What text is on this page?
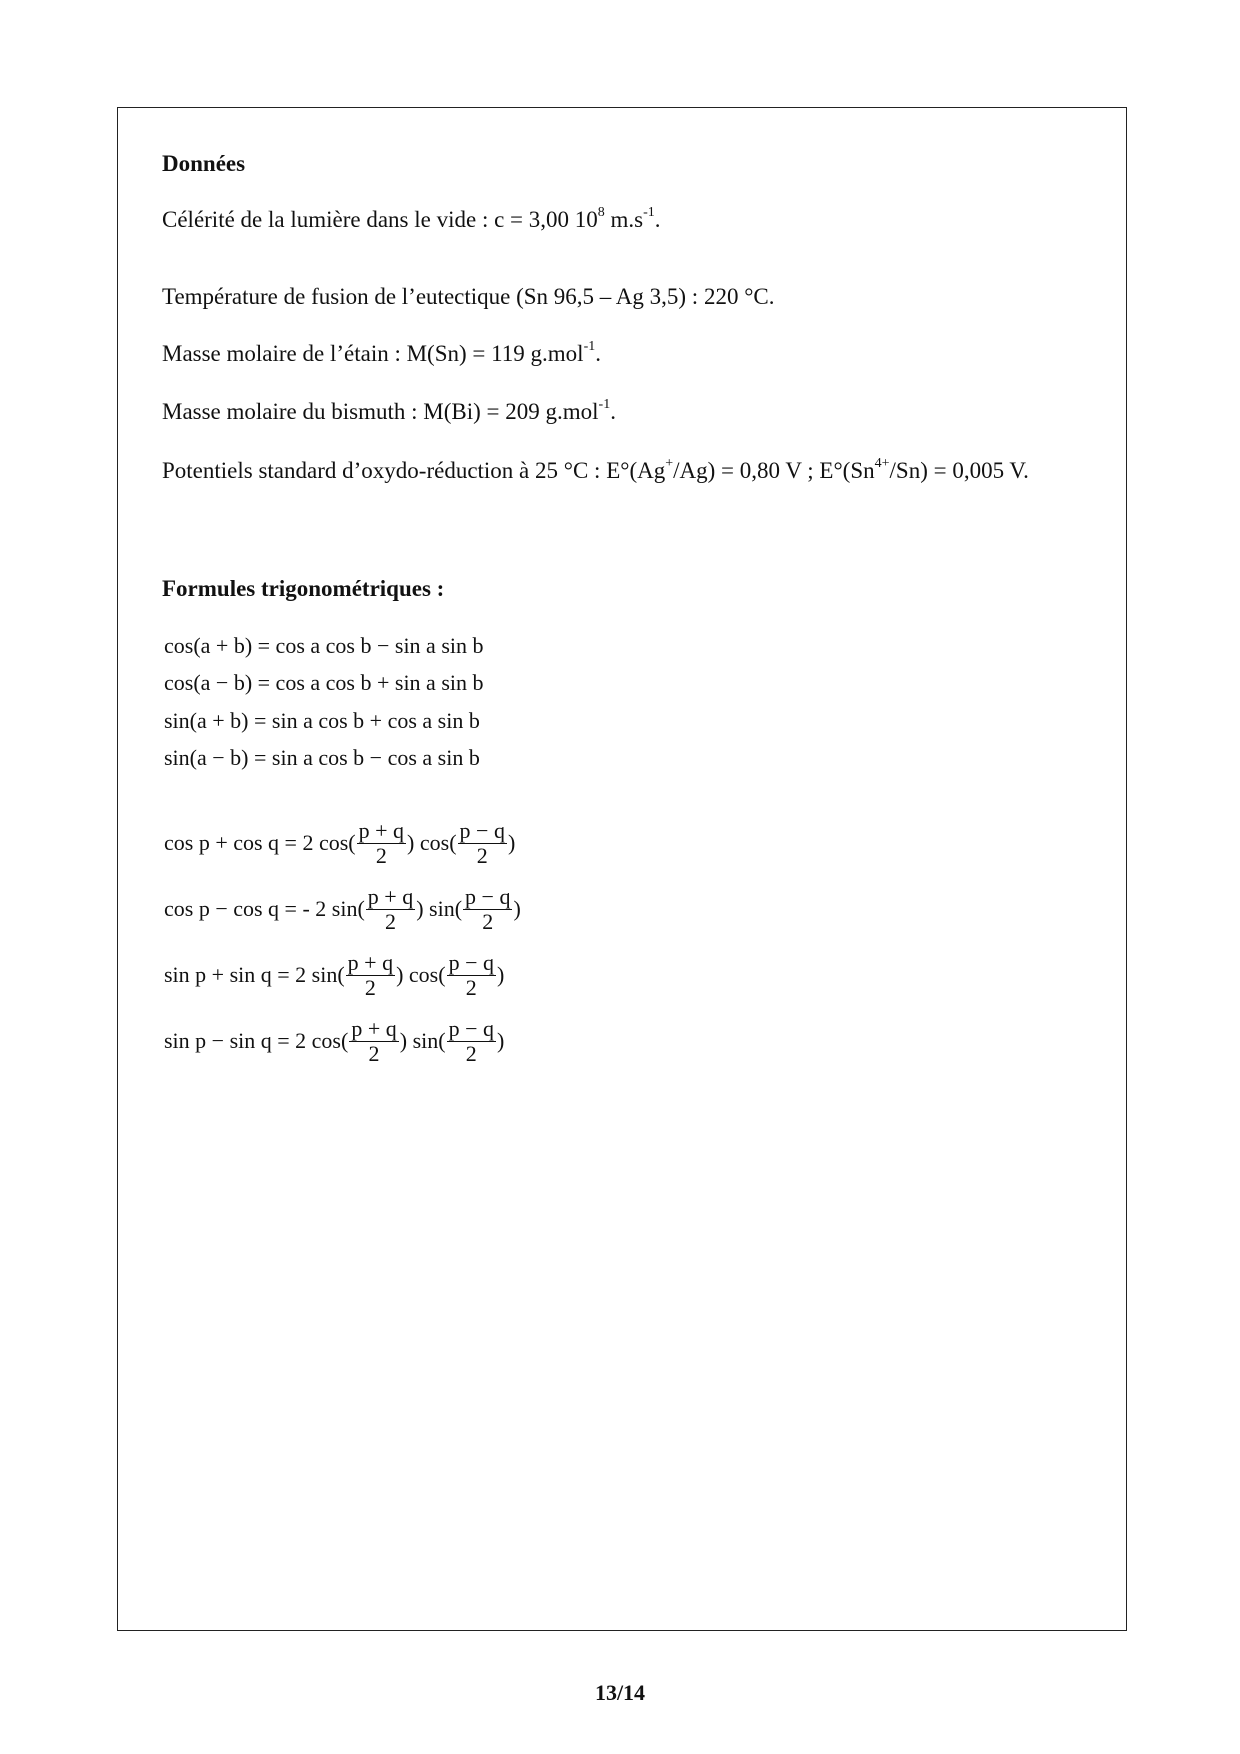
Données
Célérité de la lumière dans le vide : c = 3,00 $10^8$ $m.s^{-1}$.
Température de fusion de l’eutectique (Sn 96,5 – Ag 3,5) : 220 °C.
Masse molaire de l’étain : M(Sn) = 119 g.mol$^{-1}$.
Masse molaire du bismuth : M(Bi) = 209 g.mol$^{-1}$.
Potentiels standard d’oxydo-réduction à 25 °C : E°(Ag+/Ag) = 0,80 V ; $E^\circ(Sn^{4+}/Sn) = 0,005$ V.
Formules trigonométriques :
cos(a + b) = cos a cos b − sin a sin b
cos(a − b) = cos a cos b + sin a sin b
sin(a + b) = sin a cos b + cos a sin b
sin(a − b) = sin a cos b − cos a sin b
cos p + cos q = 2 $\cos( \frac{p + q}{2}$ ) $\cos( \frac{p - q}{2}$ )
cos p − cos q = - 2 $\sin( \frac{p + q}{2}$ ) $\sin( \frac{p - q}{2}$ )
sin p + sin q = 2 $\sin( \frac{p + q}{2}$ ) $\cos( \frac{p - q}{2}$ )
sin p − sin q = 2 $\cos( \frac{p + q}{2}$ ) $\sin( \frac{p - q}{2}$ )
13/14
